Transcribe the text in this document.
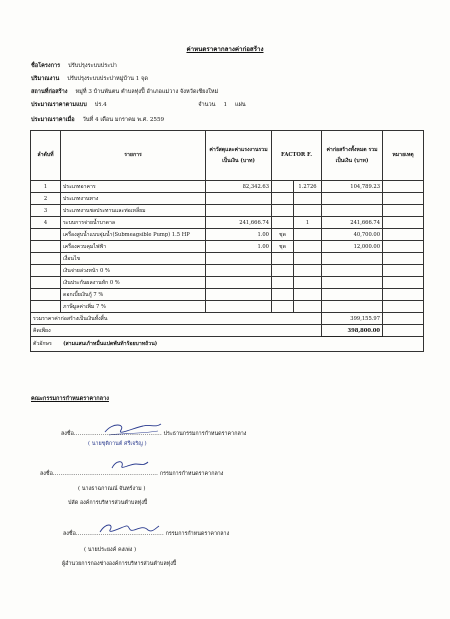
ค่าหนดราคากลางค่าก่อสร้าง
ชื่อโครงการ ปรับปรุงระบบประปา
ปริมาณงาน ปรับปรุงระบบประปาหมู่บ้าน 1 จุด
สถานที่ก่อสร้าง หมู่ที่ 3 บ้านพันตน ตำบลทุ่งปี้ อำเภอแม่วาง จังหวัดเชียงใหม่
ประมาณราคาตามแบบ ปร.4	จำนวน 1 แผ่น
ประมาณราคาเมื่อ วันที่ 4 เดือน มกราคม พ.ศ. 2559
ลำดับที่	รายการ	ค่าวัสดุและค่าแรงงานรวมเป็นเงิน (บาท)	FACTOR F.		ค่าก่อสร้างทั้งหมด รวมเป็นเงิน (บาท)	หมายเหตุ
1	ประเภทอาคาร	82,342.63		1.2726	104,789.23	
2	ประเภทงานทาง					
3	ประเภทงานชลประทานและท่อเหลี่ยม					
4	ระบบการจ่ายน้ำบาดาล	241,666.74		1	241,666.74	
	เครื่องสูบน้ำแบบจุ่มน้ำ(Submeagsible Pump) 1.5 HP	1.00	ชุด		40,700.00	
	เครื่องควบคุมไฟฟ้า	1.00	ชุด		12,000.00	
	เงื่อนไข					
	เงินจ่ายล่วงหน้า 0 %					
	เงินประกันผลงานหัก 0 %					
	ดอกเบี้ยเงินกู้ 7 %					
	ภาษีมูลค่าเพิ่ม 7 %					
รวมราคาค่าก่อสร้างเป็นเงินทั้งสิ้น					399,155.97	
คิดเพียง					398,800.00	
ตัวอักษร (สามแสนเก้าหมื่นแปดพันท้าร้อยบาทถ้วน)						
คณะกรรมการกำหนดราคากลาง
ลงชื่อ.............................................. ประธานกรรมการกำหนดราคากลาง
( นายชุติกานต์ ศรีเจริญ )
ลงชื่อ....................................................... กรรมการกำหนดราคากลาง
( นางธาฉกาณณ์ จันทร์งาม )
ปลัด องค์การบริหารส่วนตำบลทุ่งปี้
ลงชื่อ.............................................. กรรมการกำหนดราคากลาง
( นายประยงค์ คงเพ่ง )
ผู้อำนวยการกองช่างองค์การบริหารส่วนตำบลทุ่งปี้
